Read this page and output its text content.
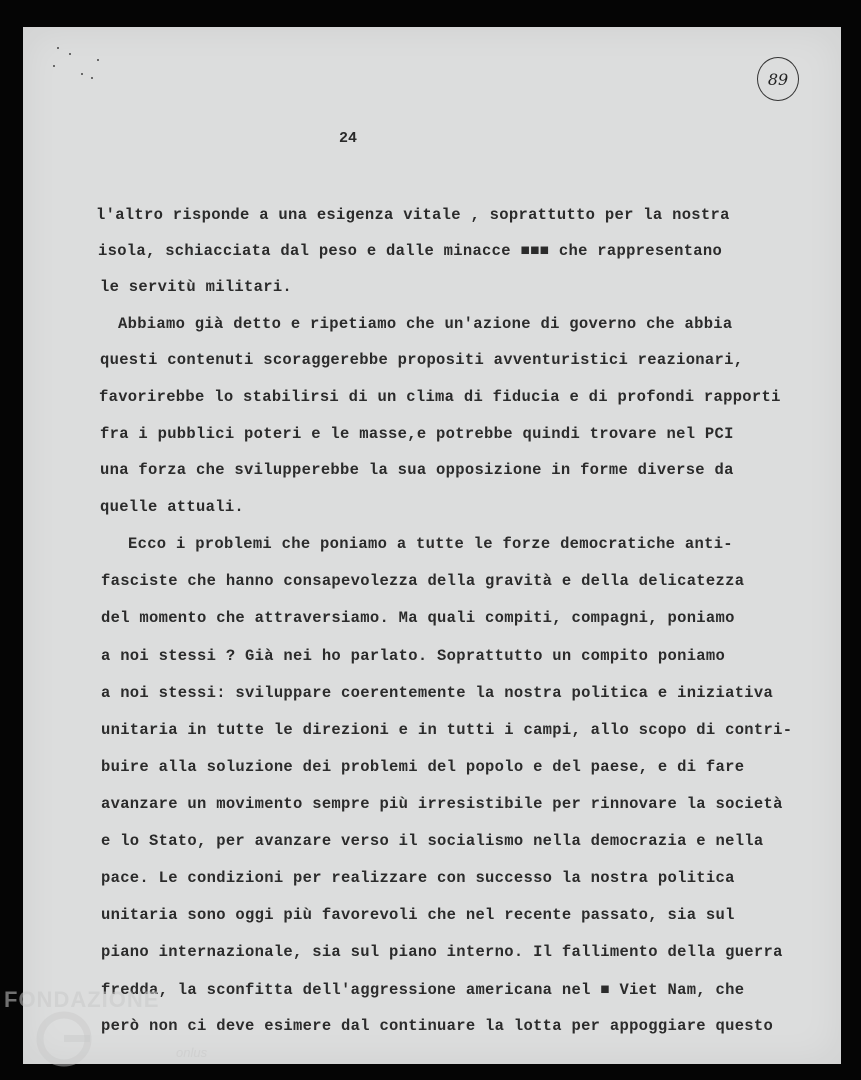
89
24
l'altro risponde a una esigenza vitale , soprattutto per la nostra
isola, schiacciata dal peso e dalle minacce ■■■ che rappresentano
le servitù militari.
Abbiamo già detto e ripetiamo che un'azione di governo che abbia
questi contenuti scoraggerebbe propositi avventuristici reazionari,
favorirebbe lo stabilirsi di un clima di fiducia e di profondi rapporti
fra i pubblici poteri e le masse,e potrebbe quindi trovare nel PCI
una forza che svilupperebbe la sua opposizione in forme diverse da
quelle attuali.
Ecco i problemi che poniamo a tutte le forze democratiche anti-
fasciste che hanno consapevolezza della gravità e della delicatezza
del momento che attraversiamo. Ma quali compiti, compagni, poniamo
a noi stessi ? Già nei ho parlato. Soprattutto un compito poniamo
a noi stessi: sviluppare coerentemente la nostra politica e iniziativa
unitaria in tutte le direzioni e in tutti i campi, allo scopo di contri-
buire alla soluzione dei problemi del popolo e del paese, e di fare
avanzare un movimento sempre più irresistibile per rinnovare la società
e lo Stato, per avanzare verso il socialismo nella democrazia e nella
pace. Le condizioni per realizzare con successo la nostra politica
unitaria sono oggi più favorevoli che nel recente passato, sia sul
piano internazionale, sia sul piano interno. Il fallimento della guerra
fredda, la sconfitta dell'aggressione americana nel ■ Viet Nam, che
però non ci deve esimere dal continuare la lotta per appoggiare questo
FONDAZIONE
onlus
